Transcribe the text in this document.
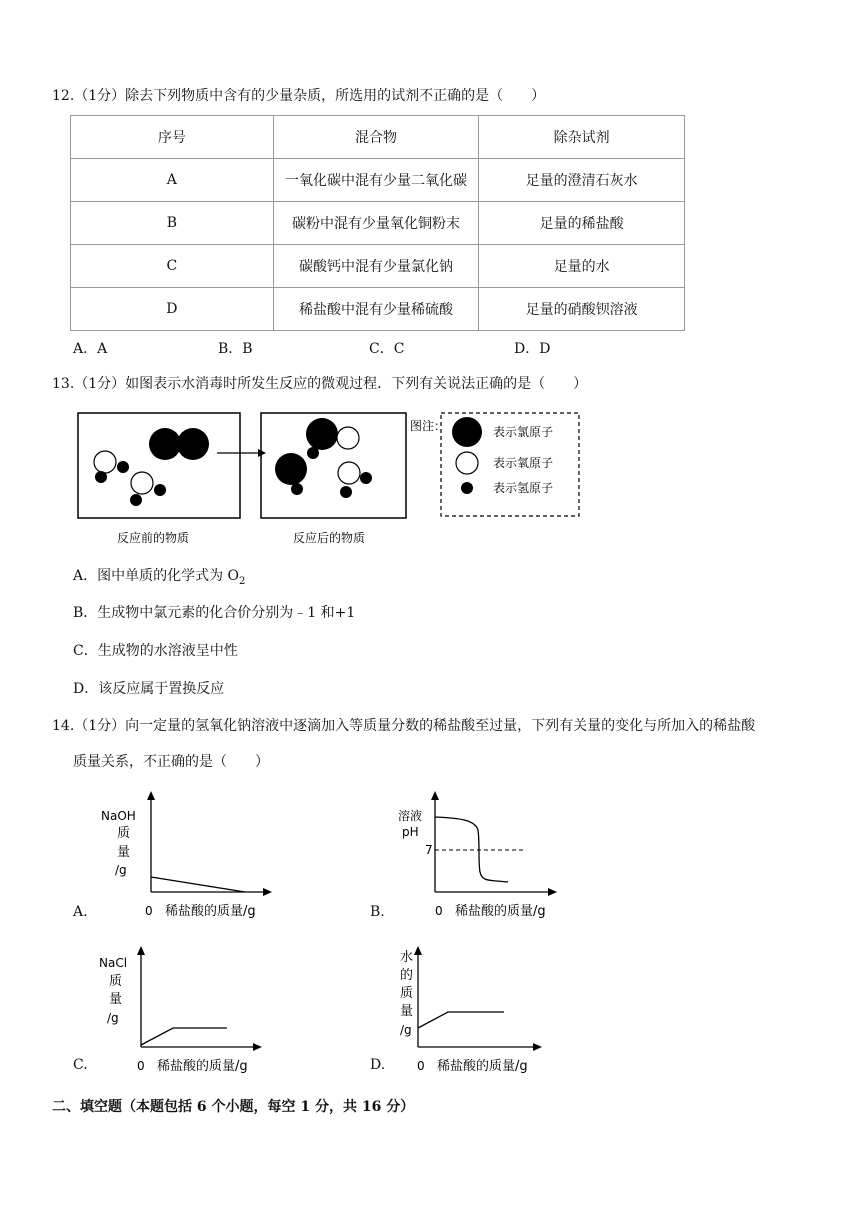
12.（1分）除去下列物质中含有的少量杂质，所选用的试剂不正确的是（　　）
序号	混合物	除杂试剂
A	一氧化碳中混有少量二氧化碳	足量的澄清石灰水
B	碳粉中混有少量氧化铜粉末	足量的稀盐酸
C	碳酸钙中混有少量氯化钠	足量的水
D	稀盐酸中混有少量稀硫酸	足量的硝酸钡溶液
A．A	B．B	C．C	D．D
13.（1分）如图表示水消毒时所发生反应的微观过程．下列有关说法正确的是（　　）
图注：	表示氯原子
表示氧原子
表示氢原子
反应前的物质	反应后的物质
A．图中单质的化学式为 $O_2$
B．生成物中氯元素的化合价分别为﹣1 和+1
C．生成物的水溶液呈中性
D．该反应属于置换反应
14.（1分）向一定量的氢氧化钠溶液中逐滴加入等质量分数的稀盐酸至过量，下列有关量的变化与所加入的稀盐酸
质量关系，不正确的是（　　）
A.
NaOH
质
量
/g
0 稀盐酸的质量/g	B.
溶液
pH
7
0 稀盐酸的质量/g
C.
NaCl
质
量
/g
0 稀盐酸的质量/g	D.
水
的
质
量
/g
0 稀盐酸的质量/g
二、填空题（本题包括 6 个小题，每空 1 分，共 16 分）
